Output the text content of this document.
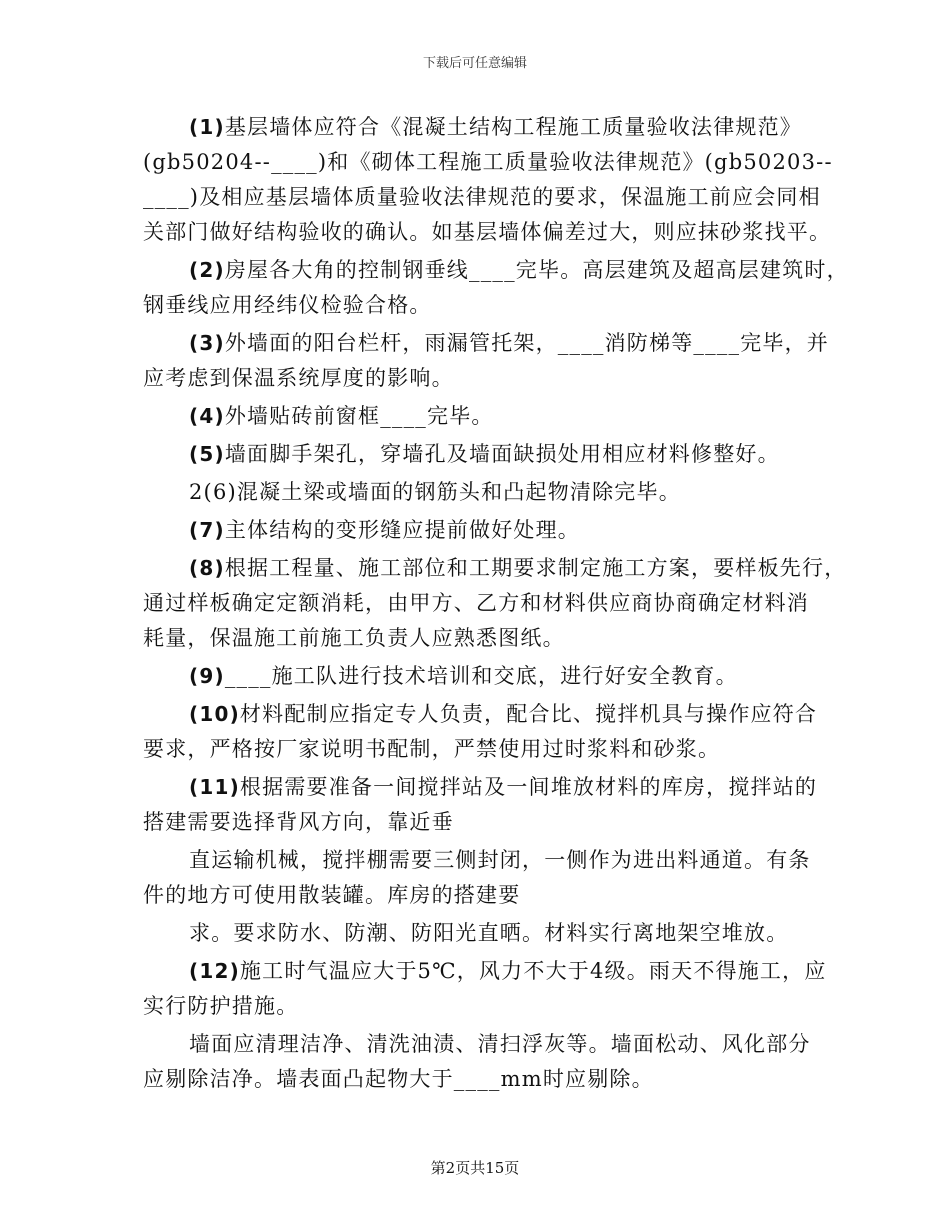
下载后可任意编辑
(1)基层墙体应符合《混凝土结构工程施工质量验收法律规范》
(gb50204--____)和《砌体工程施工质量验收法律规范》(gb50203--
____)及相应基层墙体质量验收法律规范的要求，保温施工前应会同相
关部门做好结构验收的确认。如基层墙体偏差过大，则应抹砂浆找平。
(2)房屋各大角的控制钢垂线____完毕。高层建筑及超高层建筑时，
钢垂线应用经纬仪检验合格。
(3)外墙面的阳台栏杆，雨漏管托架，____消防梯等____完毕，并
应考虑到保温系统厚度的影响。
(4)外墙贴砖前窗框____完毕。
(5)墙面脚手架孔，穿墙孔及墙面缺损处用相应材料修整好。
2(6)混凝土梁或墙面的钢筋头和凸起物清除完毕。
(7)主体结构的变形缝应提前做好处理。
(8)根据工程量、施工部位和工期要求制定施工方案，要样板先行，
通过样板确定定额消耗，由甲方、乙方和材料供应商协商确定材料消
耗量，保温施工前施工负责人应熟悉图纸。
(9)____施工队进行技术培训和交底，进行好安全教育。
(10)材料配制应指定专人负责，配合比、搅拌机具与操作应符合
要求，严格按厂家说明书配制，严禁使用过时浆料和砂浆。
(11)根据需要准备一间搅拌站及一间堆放材料的库房，搅拌站的
搭建需要选择背风方向，靠近垂
直运输机械，搅拌棚需要三侧封闭，一侧作为进出料通道。有条
件的地方可使用散装罐。库房的搭建要
求。要求防水、防潮、防阳光直晒。材料实行离地架空堆放。
(12)施工时气温应大于5℃，风力不大于4级。雨天不得施工，应
实行防护措施。
墙面应清理洁净、清洗油渍、清扫浮灰等。墙面松动、风化部分
应剔除洁净。墙表面凸起物大于____mm时应剔除。
第2页共15页
